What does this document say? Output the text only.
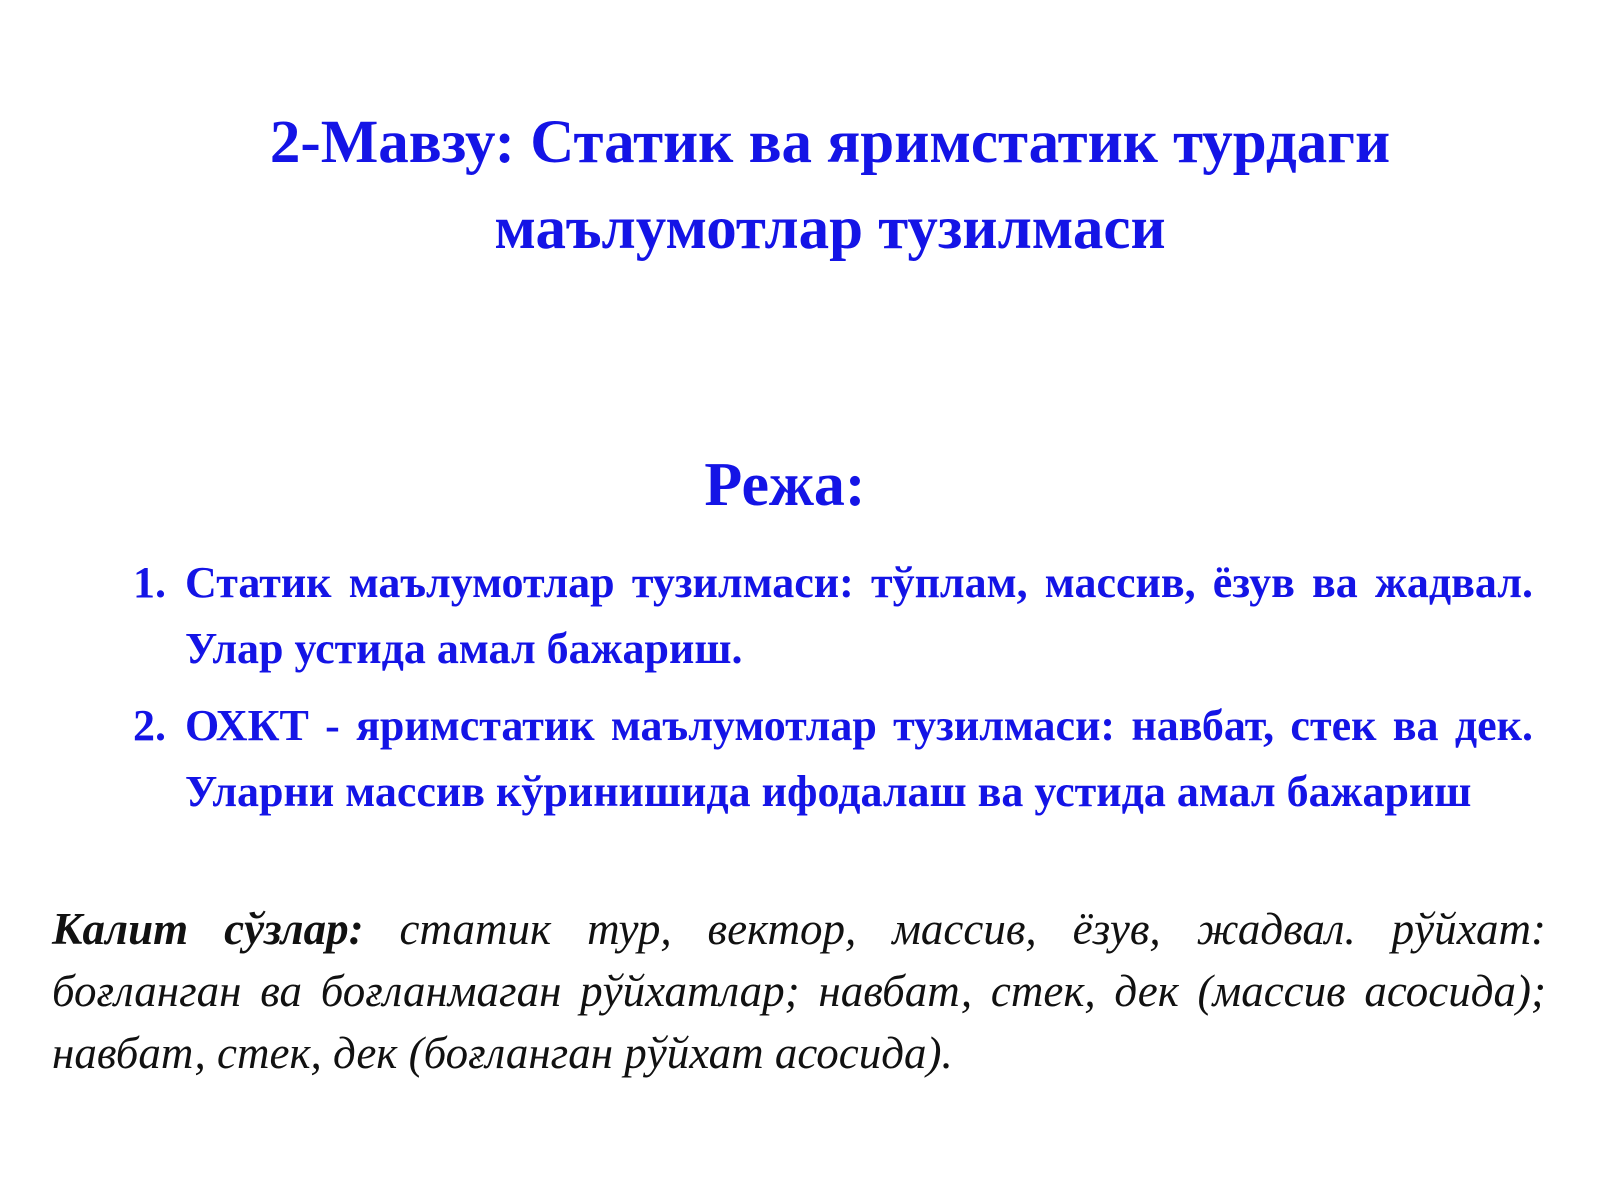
2-Мавзу: Статик ва яримстатик турдаги
маълумотлар тузилмаси
Режа:
1. Статик маълумотлар тузилмаси: тўплам, массив, ёзув ва жадвал. Улар устида амал бажариш.
2. ОХКТ - яримстатик маълумотлар тузилмаси: навбат, стек ва дек. Уларни массив кўринишида ифодалаш ва устида амал бажариш

Калит сўзлар: статик тур, вектор, массив, ёзув, жадвал. рўйхат: боғланган ва боғланмаган рўйхатлар; навбат, стек, дек (массив асосида); навбат, стек, дек (боғланган рўйхат асосида).
